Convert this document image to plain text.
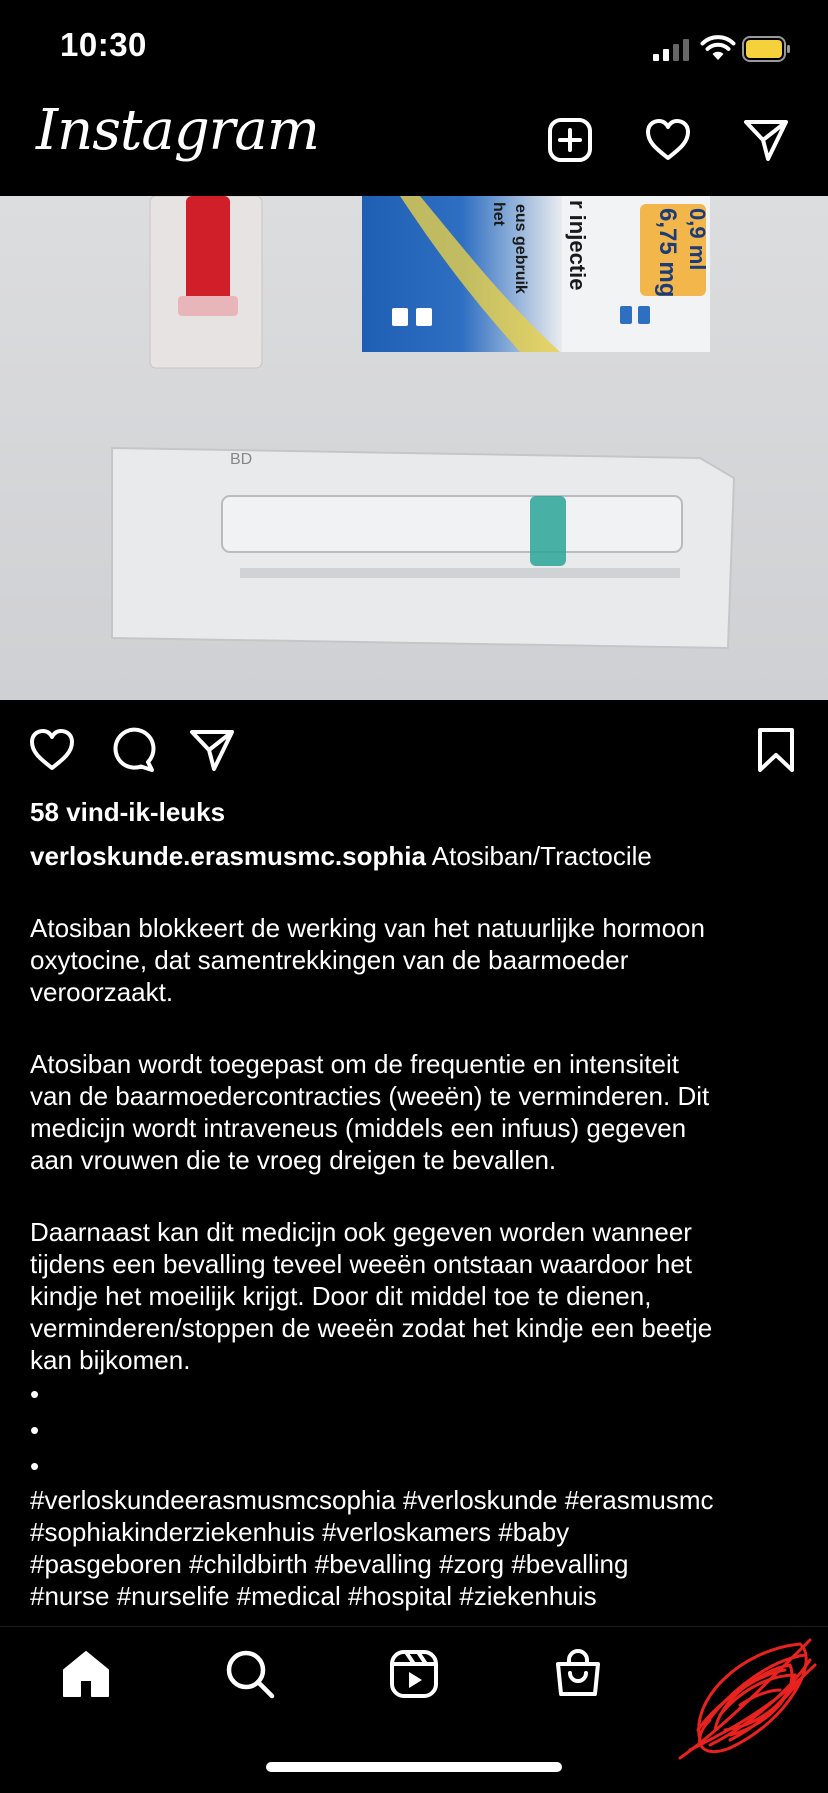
10:30
Instagram
6,75 mg 0,9 ml
r injectie
eus gebruik
het
BD
58 vind-ik-leuks

verloskunde.erasmusmc.sophia Atosiban/Tractocile

Atosiban blokkeert de werking van het natuurlijke hormoon
oxytocine, dat samentrekkingen van de baarmoeder
veroorzaakt.

Atosiban wordt toegepast om de frequentie en intensiteit
van de baarmoedercontracties (weeën) te verminderen. Dit
medicijn wordt intraveneus (middels een infuus) gegeven
aan vrouwen die te vroeg dreigen te bevallen.

Daarnaast kan dit medicijn ook gegeven worden wanneer
tijdens een bevalling teveel weeën ontstaan waardoor het
kindje het moeilijk krijgt. Door dit middel toe te dienen,
verminderen/stoppen de weeën zodat het kindje een beetje
kan bijkomen.

•

•

•

#verloskundeerasmusmcsophia #verloskunde #erasmusmc
#sophiakinderziekenhuis #verloskamers #baby
#pasgeboren #childbirth #bevalling #zorg #bevalling
#nurse #nurselife #medical #hospital #ziekenhuis
